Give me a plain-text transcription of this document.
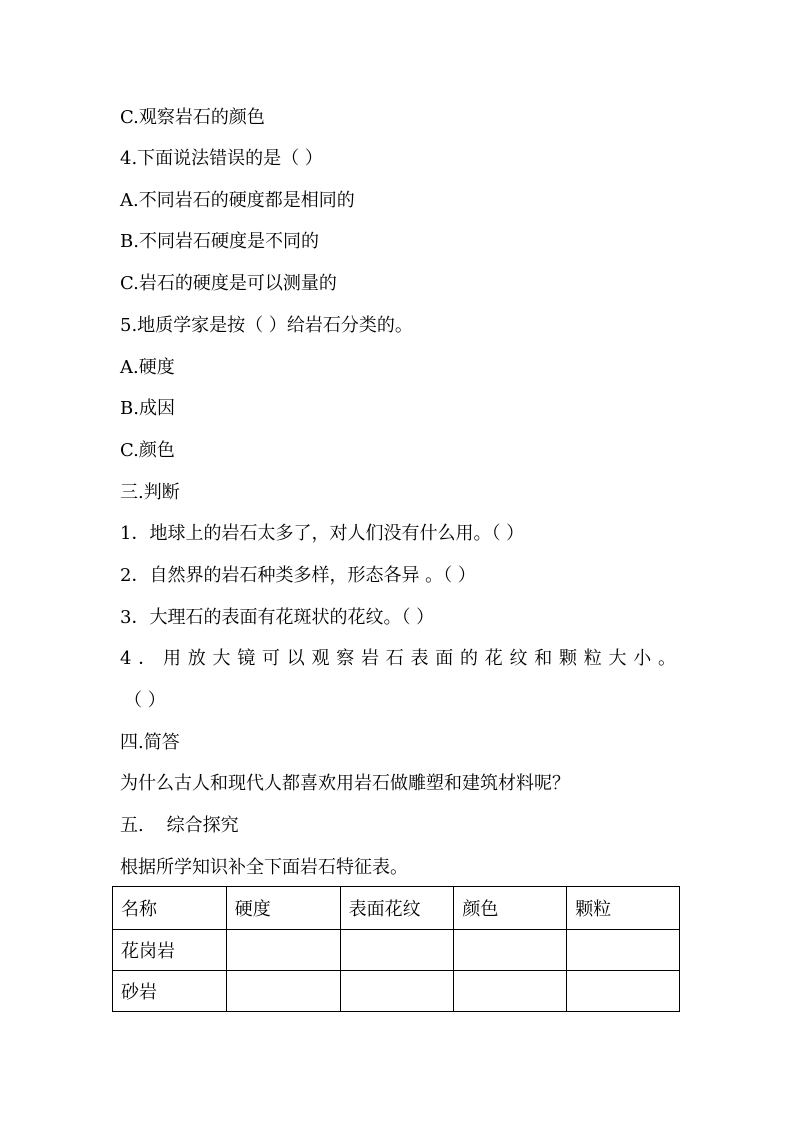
C.观察岩石的颜色
4.下面说法错误的是（ ）
A.不同岩石的硬度都是相同的
B.不同岩石硬度是不同的
C.岩石的硬度是可以测量的
5.地质学家是按（ ）给岩石分类的。
A.硬度
B.成因
C.颜色
三.判断
1．地球上的岩石太多了，对人们没有什么用。（ ）
2．自然界的岩石种类多样，形态各异 。（ ）
3．大理石的表面有花斑状的花纹。（ ）
4．用放大镜可以观察岩石表面的花纹和颗粒大小。
（ ）
四.简答
为什么古人和现代人都喜欢用岩石做雕塑和建筑材料呢？
五.    综合探究
根据所学知识补全下面岩石特征表。
名称	硬度	表面花纹	颜色	颗粒
花岗岩				
砂岩				
